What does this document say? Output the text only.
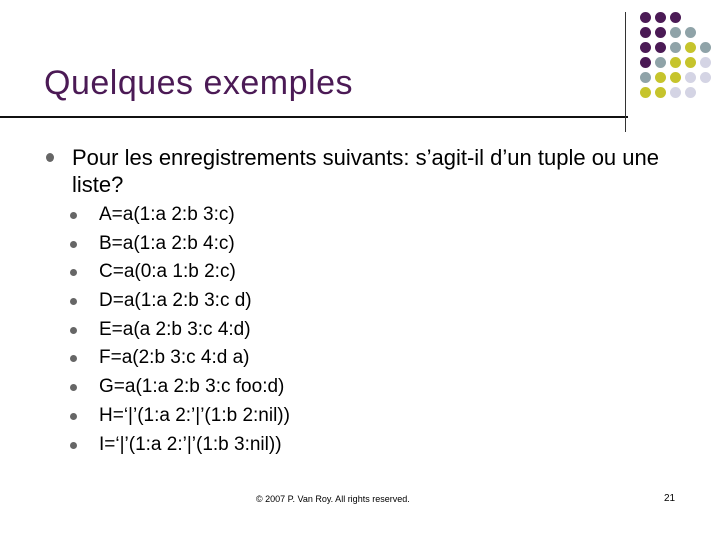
Quelques exemples
Pour les enregistrements suivants: s’agit-il d’un tuple ou une liste?
A=a(1:a 2:b 3:c)
B=a(1:a 2:b 4:c)
C=a(0:a 1:b 2:c)
D=a(1:a 2:b 3:c d)
E=a(a 2:b 3:c 4:d)
F=a(2:b 3:c 4:d a)
G=a(1:a 2:b 3:c foo:d)
H=‘|’(1:a 2:’|’(1:b 2:nil))
I=‘|’(1:a 2:’|’(1:b 3:nil))
© 2007 P. Van Roy. All rights reserved.	21
